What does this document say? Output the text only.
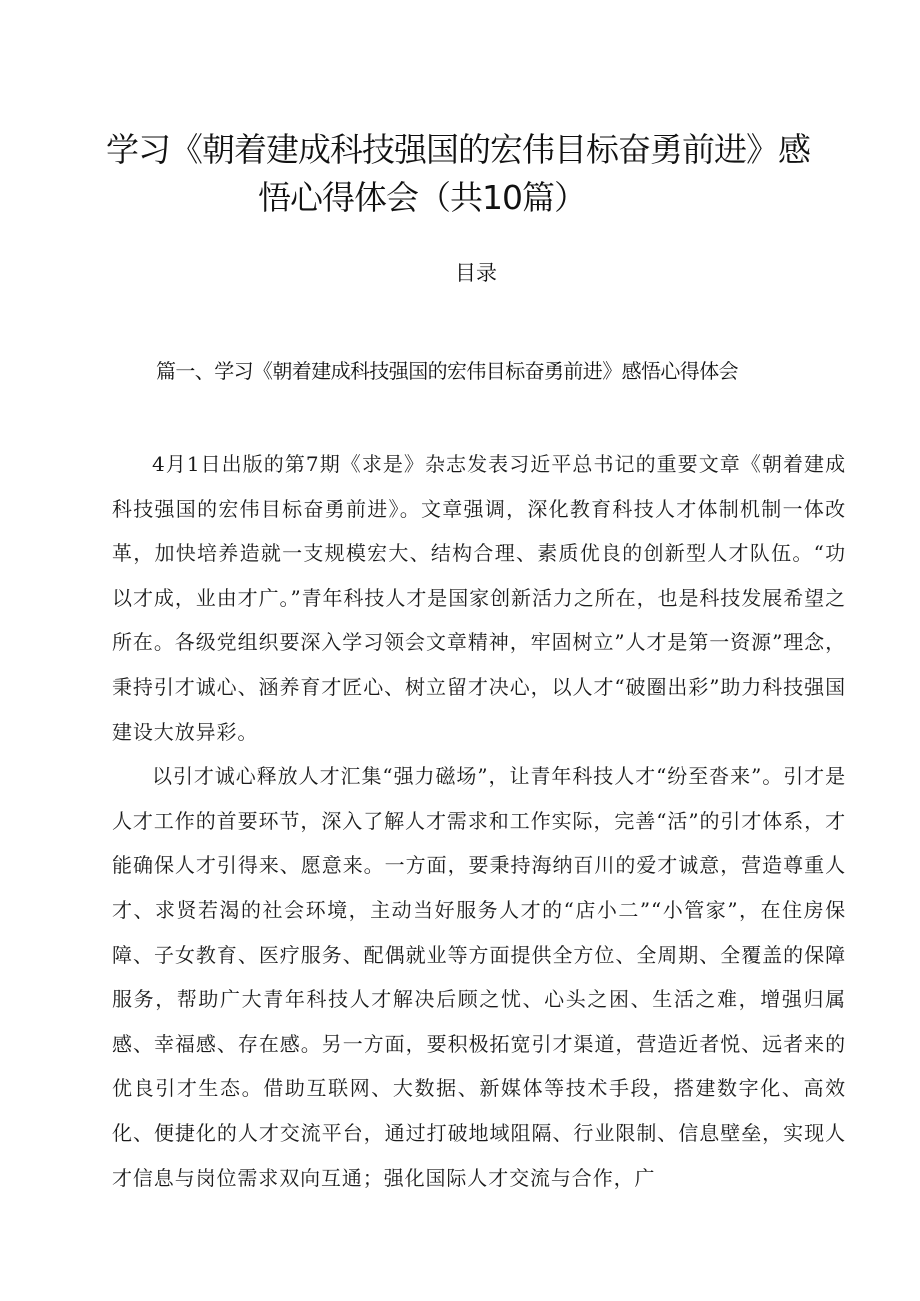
学习《朝着建成科技强国的宏伟目标奋勇前进》感
悟心得体会（共10篇）
目录
篇一、学习《朝着建成科技强国的宏伟目标奋勇前进》感悟心得体会

4月1日出版的第7期《求是》杂志发表习近平总书记的重要文章《朝着建成科技强国的宏伟目标奋勇前进》。文章强调，深化教育科技人才体制机制一体改革，加快培养造就一支规模宏大、结构合理、素质优良的创新型人才队伍。“功以才成，业由才广。”青年科技人才是国家创新活力之所在，也是科技发展希望之所在。各级党组织要深入学习领会文章精神，牢固树立”人才是第一资源”理念，秉持引才诚心、涵养育才匠心、树立留才决心，以人才“破圈出彩”助力科技强国建设大放异彩。

以引才诚心释放人才汇集“强力磁场”，让青年科技人才“纷至沓来”。引才是人才工作的首要环节，深入了解人才需求和工作实际，完善“活”的引才体系，才能确保人才引得来、愿意来。一方面，要秉持海纳百川的爱才诚意，营造尊重人才、求贤若渴的社会环境，主动当好服务人才的“店小二”“小管家”，在住房保障、子女教育、医疗服务、配偶就业等方面提供全方位、全周期、全覆盖的保障服务，帮助广大青年科技人才解决后顾之忧、心头之困、生活之难，增强归属感、幸福感、存在感。另一方面，要积极拓宽引才渠道，营造近者悦、远者来的优良引才生态。借助互联网、大数据、新媒体等技术手段，搭建数字化、高效化、便捷化的人才交流平台，通过打破地域阻隔、行业限制、信息壁垒，实现人才信息与岗位需求双向互通；强化国际人才交流与合作，广
